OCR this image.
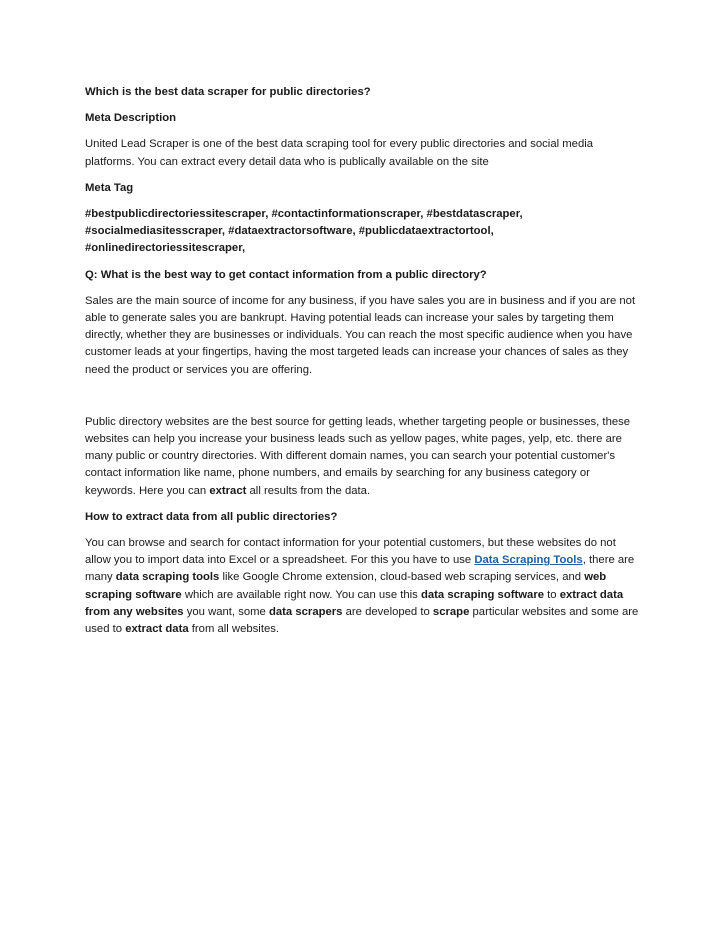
Which is the best data scraper for public directories?

Meta Description

United Lead Scraper is one of the best data scraping tool for every public directories and social media platforms. You can extract every detail data who is publically available on the site

Meta Tag

#bestpublicdirectoriessitescraper, #contactinformationscraper, #bestdatascraper, #socialmediasitesscraper, #dataextractorsoftware, #publicdataextractortool, #onlinedirectoriessitescraper,

Q: What is the best way to get contact information from a public directory?

Sales are the main source of income for any business, if you have sales you are in business and if you are not able to generate sales you are bankrupt. Having potential leads can increase your sales by targeting them directly, whether they are businesses or individuals. You can reach the most specific audience when you have customer leads at your fingertips, having the most targeted leads can increase your chances of sales as they need the product or services you are offering.

Public directory websites are the best source for getting leads, whether targeting people or businesses, these websites can help you increase your business leads such as yellow pages, white pages, yelp, etc. there are many public or country directories. With different domain names, you can search your potential customer's contact information like name, phone numbers, and emails by searching for any business category or keywords. Here you can extract all results from the data.

How to extract data from all public directories?

You can browse and search for contact information for your potential customers, but these websites do not allow you to import data into Excel or a spreadsheet. For this you have to use Data Scraping Tools, there are many data scraping tools like Google Chrome extension, cloud-based web scraping services, and web scraping software which are available right now. You can use this data scraping software to extract data from any websites you want, some data scrapers are developed to scrape particular websites and some are used to extract data from all websites.
